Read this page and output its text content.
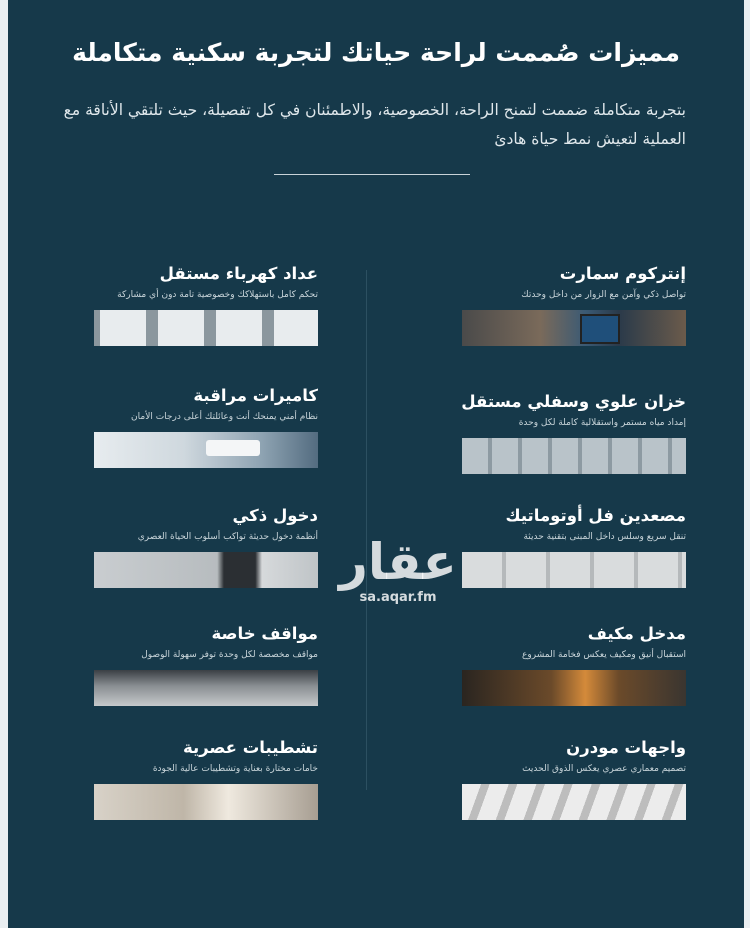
مميزات صُممت لراحة حياتك لتجربة سكنية متكاملة
بتجربة متكاملة ضممت لتمنح الراحة، الخصوصية، والاطمئنان في كل تفصيلة، حيث تلتقي الأناقة مع العملية لتعيش نمط حياة هادئ
إنتركوم سمارت
تواصل ذكي وآمن مع الزوار من داخل وحدتك
خزان علوي وسفلي مستقل
إمداد مياه مستمر واستقلالية كاملة لكل وحدة
مصعدين فل أوتوماتيك
تنقل سريع وسلس داخل المبنى بتقنية حديثة
مدخل مكيف
استقبال أنيق ومكيف يعكس فخامة المشروع
واجهات مودرن
تصميم معماري عصري يعكس الذوق الحديث
عداد كهرباء مستقل
تحكم كامل باستهلاكك وخصوصية تامة دون أي مشاركة
كاميرات مراقبة
نظام أمني يمنحك أنت وعائلتك أعلى درجات الأمان
دخول ذكي
أنظمة دخول حديثة تواكب أسلوب الحياة العصري
مواقف خاصة
مواقف مخصصة لكل وحدة توفر سهولة الوصول
تشطيبات عصرية
خامات مختارة بعناية وتشطيبات عالية الجودة
عقار
sa.aqar.fm
